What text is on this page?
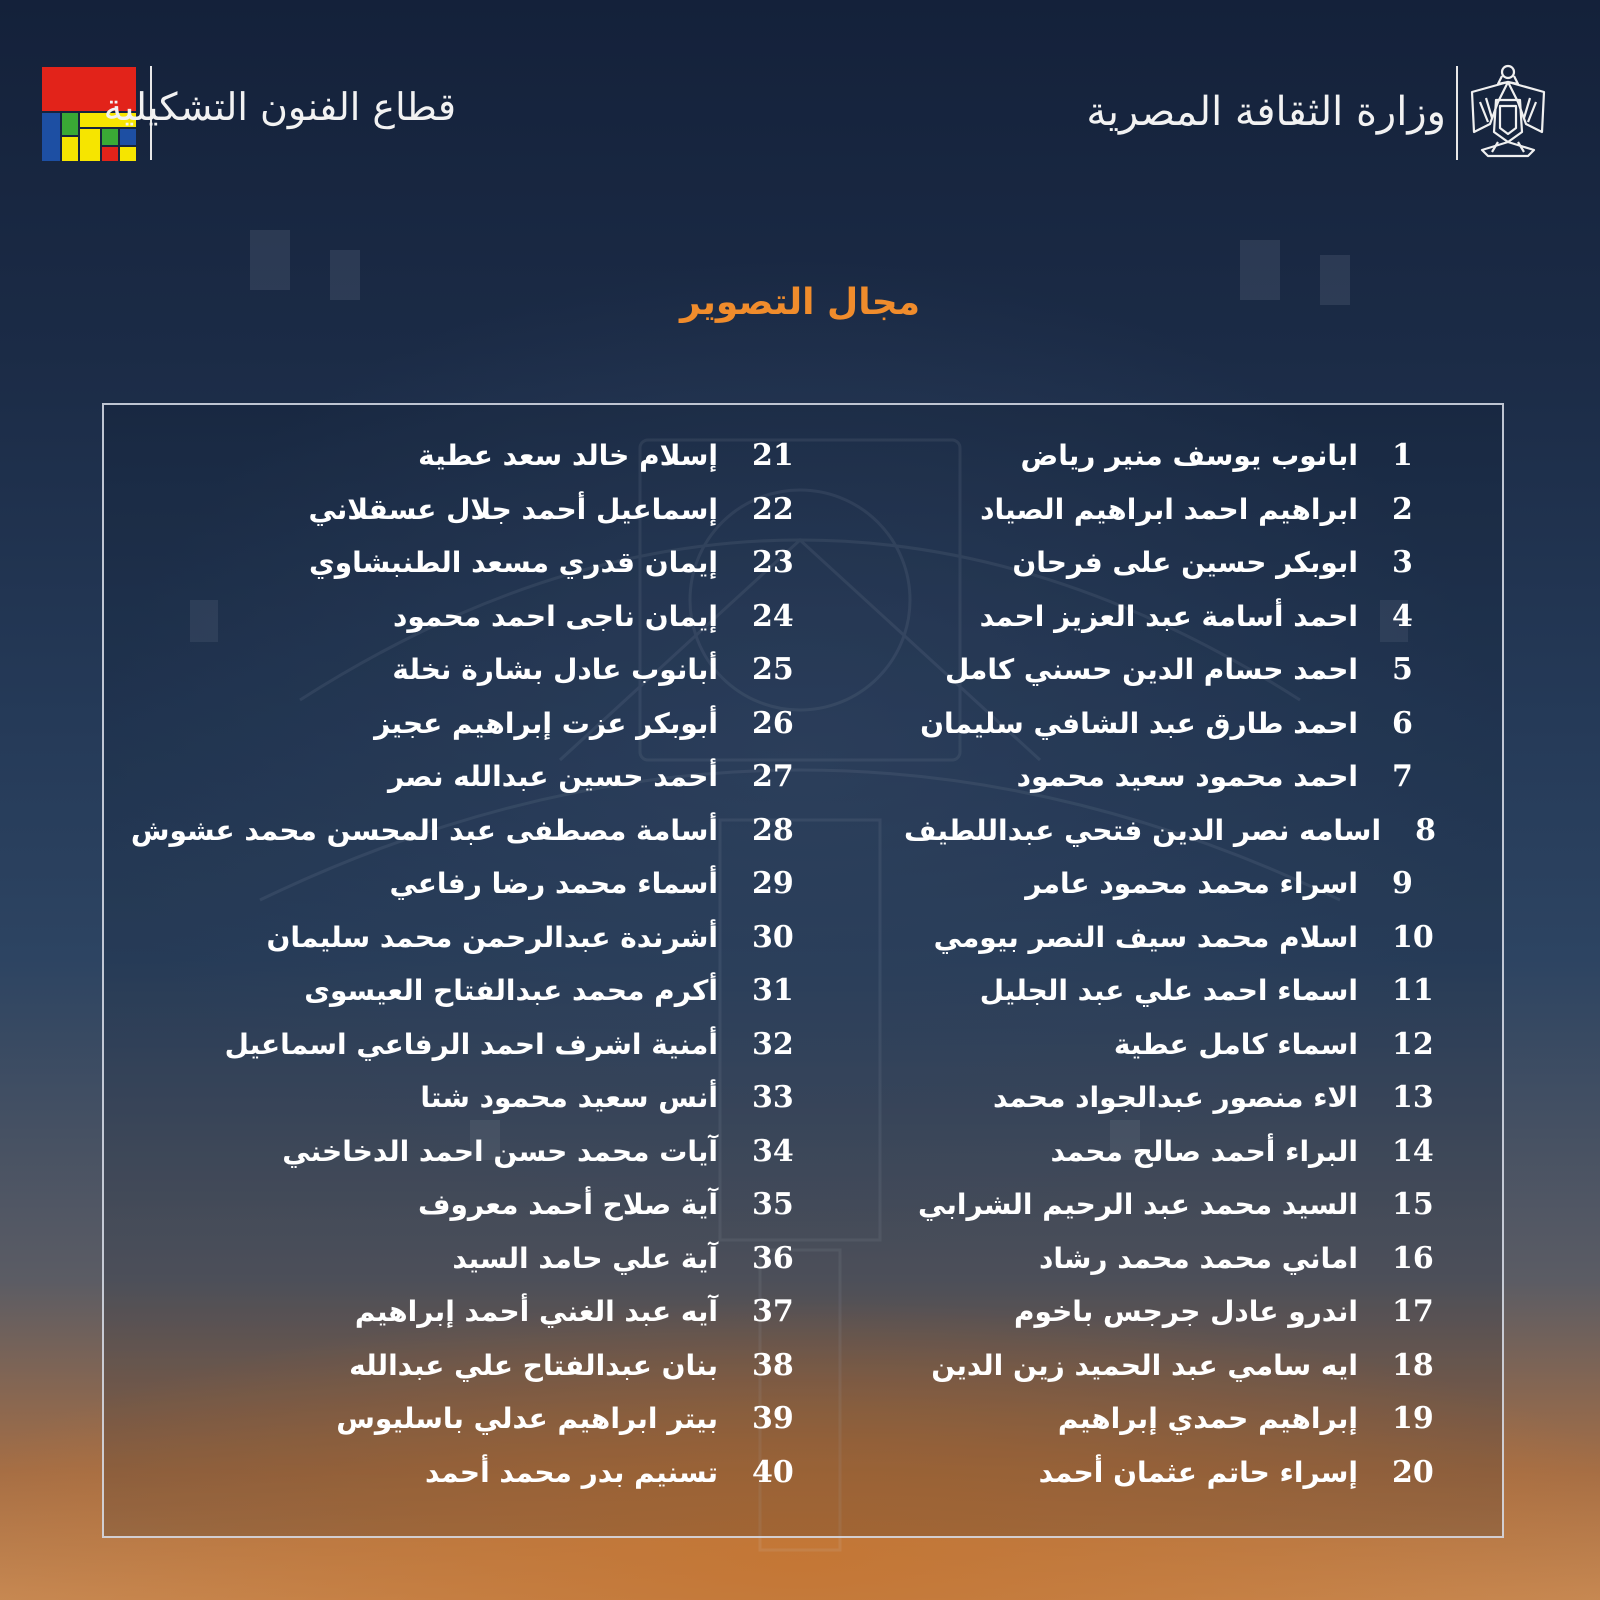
قطاع الفنون التشكيلية	وزارة الثقافة المصرية
مجال التصوير
1
ابانوب يوسف منير رياض
2
ابراهيم احمد ابراهيم الصياد
3
ابوبكر حسين على فرحان
4
احمد أسامة عبد العزيز احمد
5
احمد حسام الدين حسني كامل
6
احمد طارق عبد الشافي سليمان
7
احمد محمود سعيد محمود
8
اسامه نصر الدين فتحي عبداللطيف
9
اسراء محمد محمود عامر
10
اسلام محمد سيف النصر بيومي
11
اسماء احمد علي عبد الجليل
12
اسماء كامل عطية
13
الاء منصور عبدالجواد محمد
14
البراء أحمد صالح محمد
15
السيد محمد عبد الرحيم الشرابي
16
اماني محمد محمد رشاد
17
اندرو عادل جرجس باخوم
18
ايه سامي عبد الحميد زين الدين
19
إبراهيم حمدي إبراهيم
20
إسراء حاتم عثمان أحمد
21
إسلام خالد سعد عطية
22
إسماعيل أحمد جلال عسقلاني
23
إيمان قدري مسعد الطنبشاوي
24
إيمان ناجى احمد محمود
25
أبانوب عادل بشارة نخلة
26
أبوبكر عزت إبراهيم عجيز
27
أحمد حسين عبدالله نصر
28
أسامة مصطفى عبد المحسن محمد عشوش
29
أسماء محمد رضا رفاعي
30
أشرندة عبدالرحمن محمد سليمان
31
أكرم محمد عبدالفتاح العيسوى
32
أمنية اشرف احمد الرفاعي اسماعيل
33
أنس سعيد محمود شتا
34
آيات محمد حسن احمد الدخاخني
35
آية صلاح أحمد معروف
36
آية علي حامد السيد
37
آيه عبد الغني أحمد إبراهيم
38
بنان عبدالفتاح علي عبدالله
39
بيتر ابراهيم عدلي باسليوس
40
تسنيم بدر محمد أحمد
